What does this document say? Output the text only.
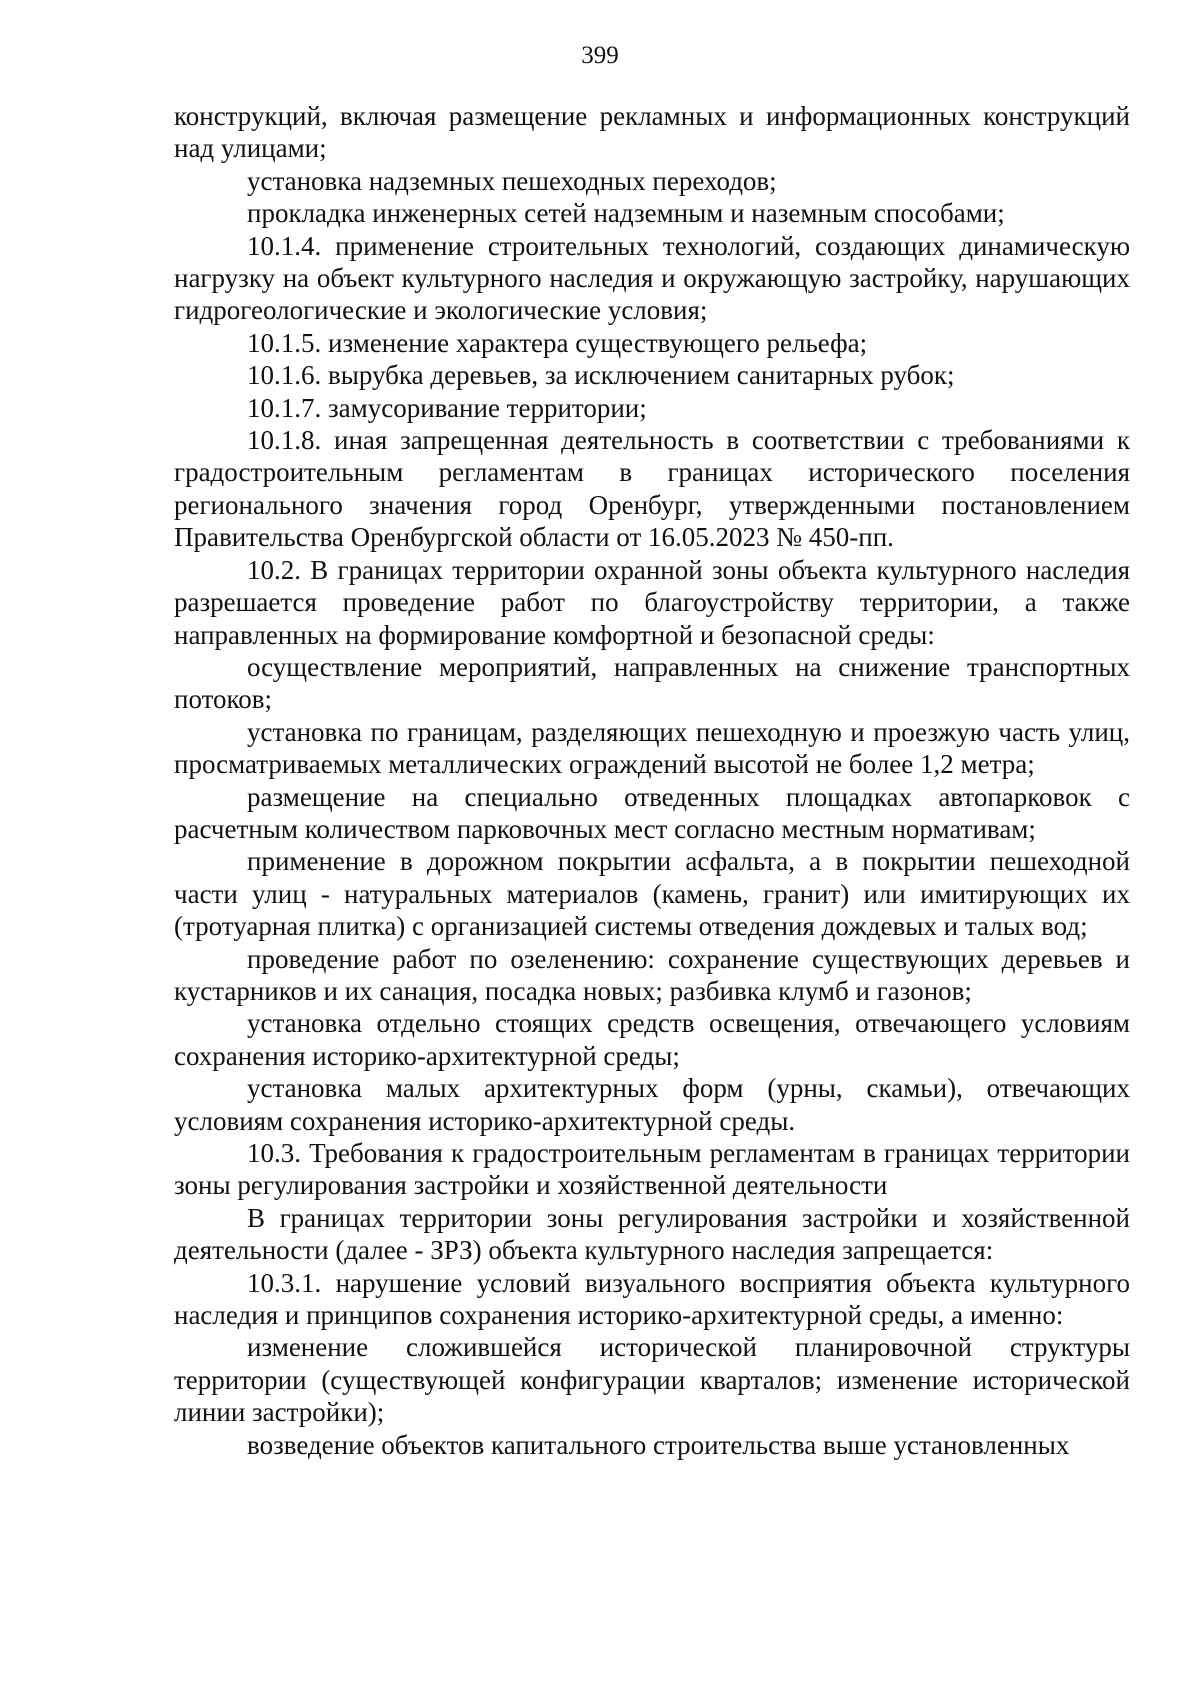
399

конструкций, включая размещение рекламных и информационных конструкций над улицами;

установка надземных пешеходных переходов;

прокладка инженерных сетей надземным и наземным способами;

10.1.4. применение строительных технологий, создающих динамическую нагрузку на объект культурного наследия и окружающую застройку, нарушающих гидрогеологические и экологические условия;

10.1.5. изменение характера существующего рельефа;

10.1.6. вырубка деревьев, за исключением санитарных рубок;

10.1.7. замусоривание территории;

10.1.8. иная запрещенная деятельность в соответствии с требованиями к градостроительным регламентам в границах исторического поселения регионального значения город Оренбург, утвержденными постановлением Правительства Оренбургской области от 16.05.2023 № 450-пп.

10.2. В границах территории охранной зоны объекта культурного наследия разрешается проведение работ по благоустройству территории, а также направленных на формирование комфортной и безопасной среды:

осуществление мероприятий, направленных на снижение транспортных потоков;

установка по границам, разделяющих пешеходную и проезжую часть улиц, просматриваемых металлических ограждений высотой не более 1,2 метра;

размещение на специально отведенных площадках автопарковок с расчетным количеством парковочных мест согласно местным нормативам;

применение в дорожном покрытии асфальта, а в покрытии пешеходной части улиц - натуральных материалов (камень, гранит) или имитирующих их (тротуарная плитка) с организацией системы отведения дождевых и талых вод;

проведение работ по озеленению: сохранение существующих деревьев и кустарников и их санация, посадка новых; разбивка клумб и газонов;

установка отдельно стоящих средств освещения, отвечающего условиям сохранения историко-архитектурной среды;

установка малых архитектурных форм (урны, скамьи), отвечающих условиям сохранения историко-архитектурной среды.

10.3. Требования к градостроительным регламентам в границах территории зоны регулирования застройки и хозяйственной деятельности

В границах территории зоны регулирования застройки и хозяйственной деятельности (далее - ЗРЗ) объекта культурного наследия запрещается:

10.3.1. нарушение условий визуального восприятия объекта культурного наследия и принципов сохранения историко-архитектурной среды, а именно:

изменение сложившейся исторической планировочной структуры территории (существующей конфигурации кварталов; изменение исторической линии застройки);

возведение объектов капитального строительства выше установленных
